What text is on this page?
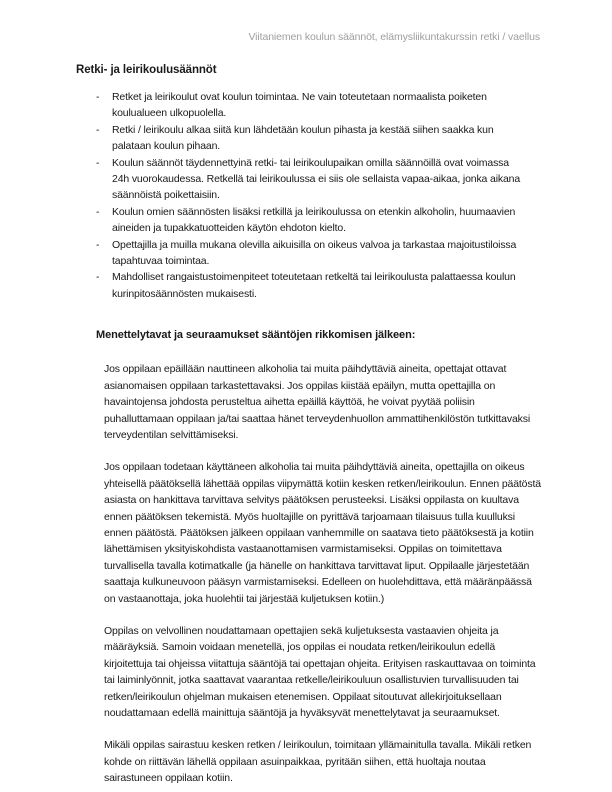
Viitaniemen koulun säännöt, elämysliikuntakurssin retki / vaellus
Retki- ja leirikoulusäännöt
-	Retket ja leirikoulut ovat koulun toimintaa. Ne vain toteutetaan normaalista poiketen koulualueen ulkopuolella.
-	Retki / leirikoulu alkaa siitä kun lähdetään koulun pihasta ja kestää siihen saakka kun palataan koulun pihaan.
-	Koulun säännöt täydennettyinä retki- tai leirikoulupaikan omilla säännöillä ovat voimassa 24h vuorokaudessa. Retkellä tai leirikoulussa ei siis ole sellaista vapaa-aikaa, jonka aikana säännöistä poikettaisiin.
-	Koulun omien säännösten lisäksi retkillä ja leirikoulussa on etenkin alkoholin, huumaavien aineiden ja tupakkatuotteiden käytön ehdoton kielto.
-	Opettajilla ja muilla mukana olevilla aikuisilla on oikeus valvoa ja tarkastaa majoitustiloissa tapahtuvaa toimintaa.
-	Mahdolliset rangaistustoimenpiteet toteutetaan retkeltä tai leirikoulusta palattaessa koulun kurinpitosäännösten mukaisesti.
Menettelytavat ja seuraamukset sääntöjen rikkomisen jälkeen:

Jos oppilaan epäillään nauttineen alkoholia tai muita päihdyttäviä aineita, opettajat ottavat asianomaisen oppilaan tarkastettavaksi. Jos oppilas kiistää epäilyn, mutta opettajilla on havaintojensa johdosta perusteltua aihetta epäillä käyttöä, he voivat pyytää poliisin puhalluttamaan oppilaan ja/tai saattaa hänet terveydenhuollon ammattihenkilöstön tutkittavaksi terveydentilan selvittämiseksi.

Jos oppilaan todetaan käyttäneen alkoholia tai muita päihdyttäviä aineita, opettajilla on oikeus yhteisellä päätöksellä lähettää oppilas viipymättä kotiin kesken retken/leirikoulun. Ennen päätöstä asiasta on hankittava tarvittava selvitys päätöksen perusteeksi. Lisäksi oppilasta on kuultava ennen päätöksen tekemistä. Myös huoltajille on pyrittävä tarjoamaan tilaisuus tulla kuulluksi ennen päätöstä. Päätöksen jälkeen oppilaan vanhemmille on saatava tieto päätöksestä ja kotiin lähettämisen yksityiskohdista vastaanottamisen varmistamiseksi. Oppilas on toimitettava turvallisella tavalla kotimatkalle (ja hänelle on hankittava tarvittavat liput. Oppilaalle järjestetään saattaja kulkuneuvoon pääsyn varmistamiseksi. Edelleen on huolehdittava, että määränpäässä on vastaanottaja, joka huolehtii tai järjestää kuljetuksen kotiin.)

Oppilas on velvollinen noudattamaan opettajien sekä kuljetuksesta vastaavien ohjeita ja määräyksiä. Samoin voidaan menetellä, jos oppilas ei noudata retken/leirikoulun edellä kirjoitettuja tai ohjeissa viitattuja sääntöjä tai opettajan ohjeita. Erityisen raskauttavaa on toiminta tai laiminlyönnit, jotka saattavat vaarantaa retkelle/leirikouluun osallistuvien turvallisuuden tai retken/leirikoulun ohjelman mukaisen etenemisen. Oppilaat sitoutuvat allekirjoituksellaan noudattamaan edellä mainittuja sääntöjä ja hyväksyvät menettelytavat ja seuraamukset.

Mikäli oppilas sairastuu kesken retken / leirikoulun, toimitaan yllämainitulla tavalla. Mikäli retken kohde on riittävän lähellä oppilaan asuinpaikkaa, pyritään siihen, että huoltaja noutaa sairastuneen oppilaan kotiin.
